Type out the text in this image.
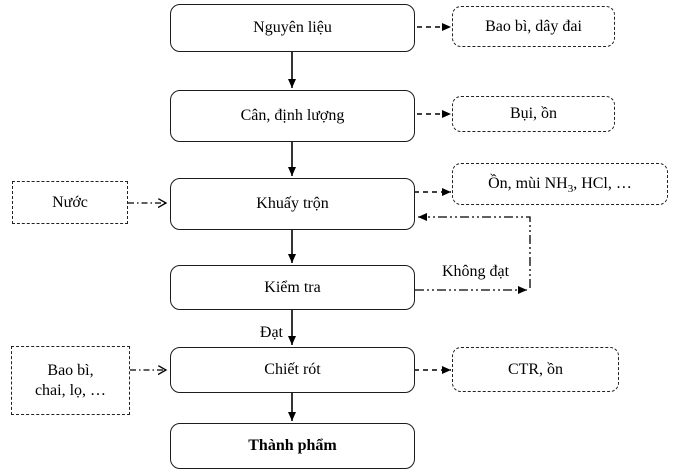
Nguyên liệu
Cân, định lượng
Khuấy trộn
Kiểm tra
Chiết rót
Thành phẩm
Bao bì, dây đai
Bụi, ồn
Ồn, mùi $NH_3$, HCl, …
CTR, ồn
Nước
Bao bì,
chai, lọ, …
Đạt
Không đạt
